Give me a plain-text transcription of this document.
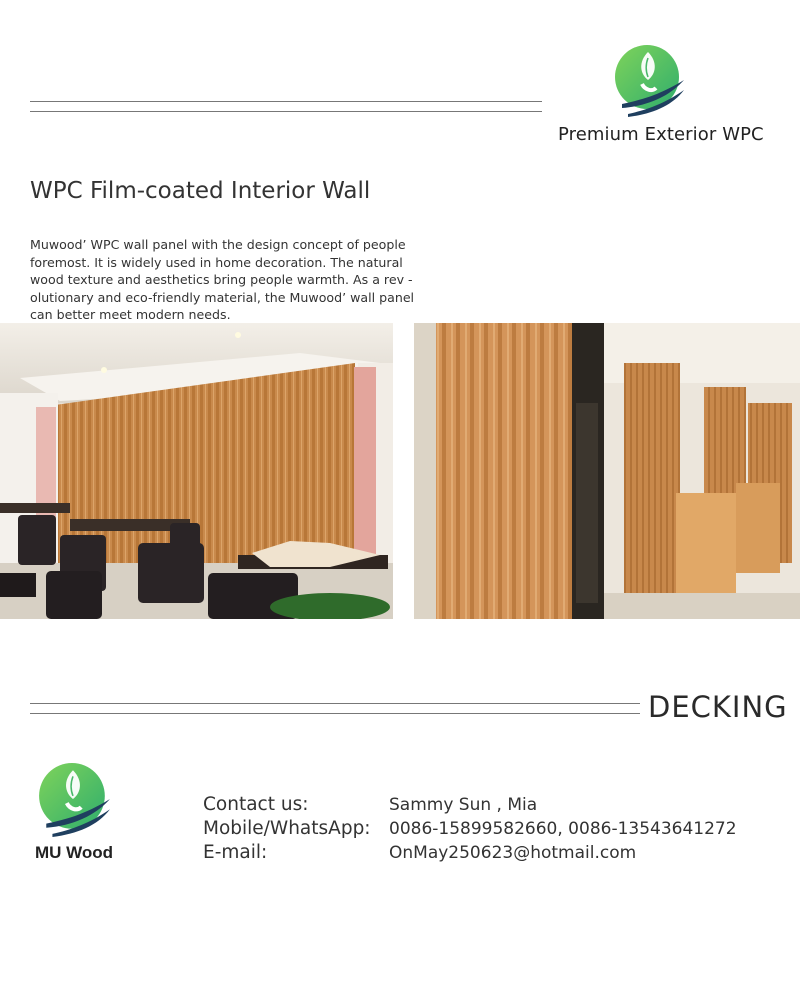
Premium Exterior WPC
WPC Film-coated Interior Wall
Muwood’ WPC wall panel with the design concept of people foremost. It is widely used in home decoration. The natural wood texture and aesthetics bring people warmth. As a rev -olutionary and eco-friendly material, the Muwood’ wall panel can better meet modern needs.
DECKING
MU Wood
Contact us:	Sammy Sun , Mia
Mobile/WhatsApp: 0086-15899582660, 0086-13543641272
E-mail:	OnMay250623@hotmail.com
